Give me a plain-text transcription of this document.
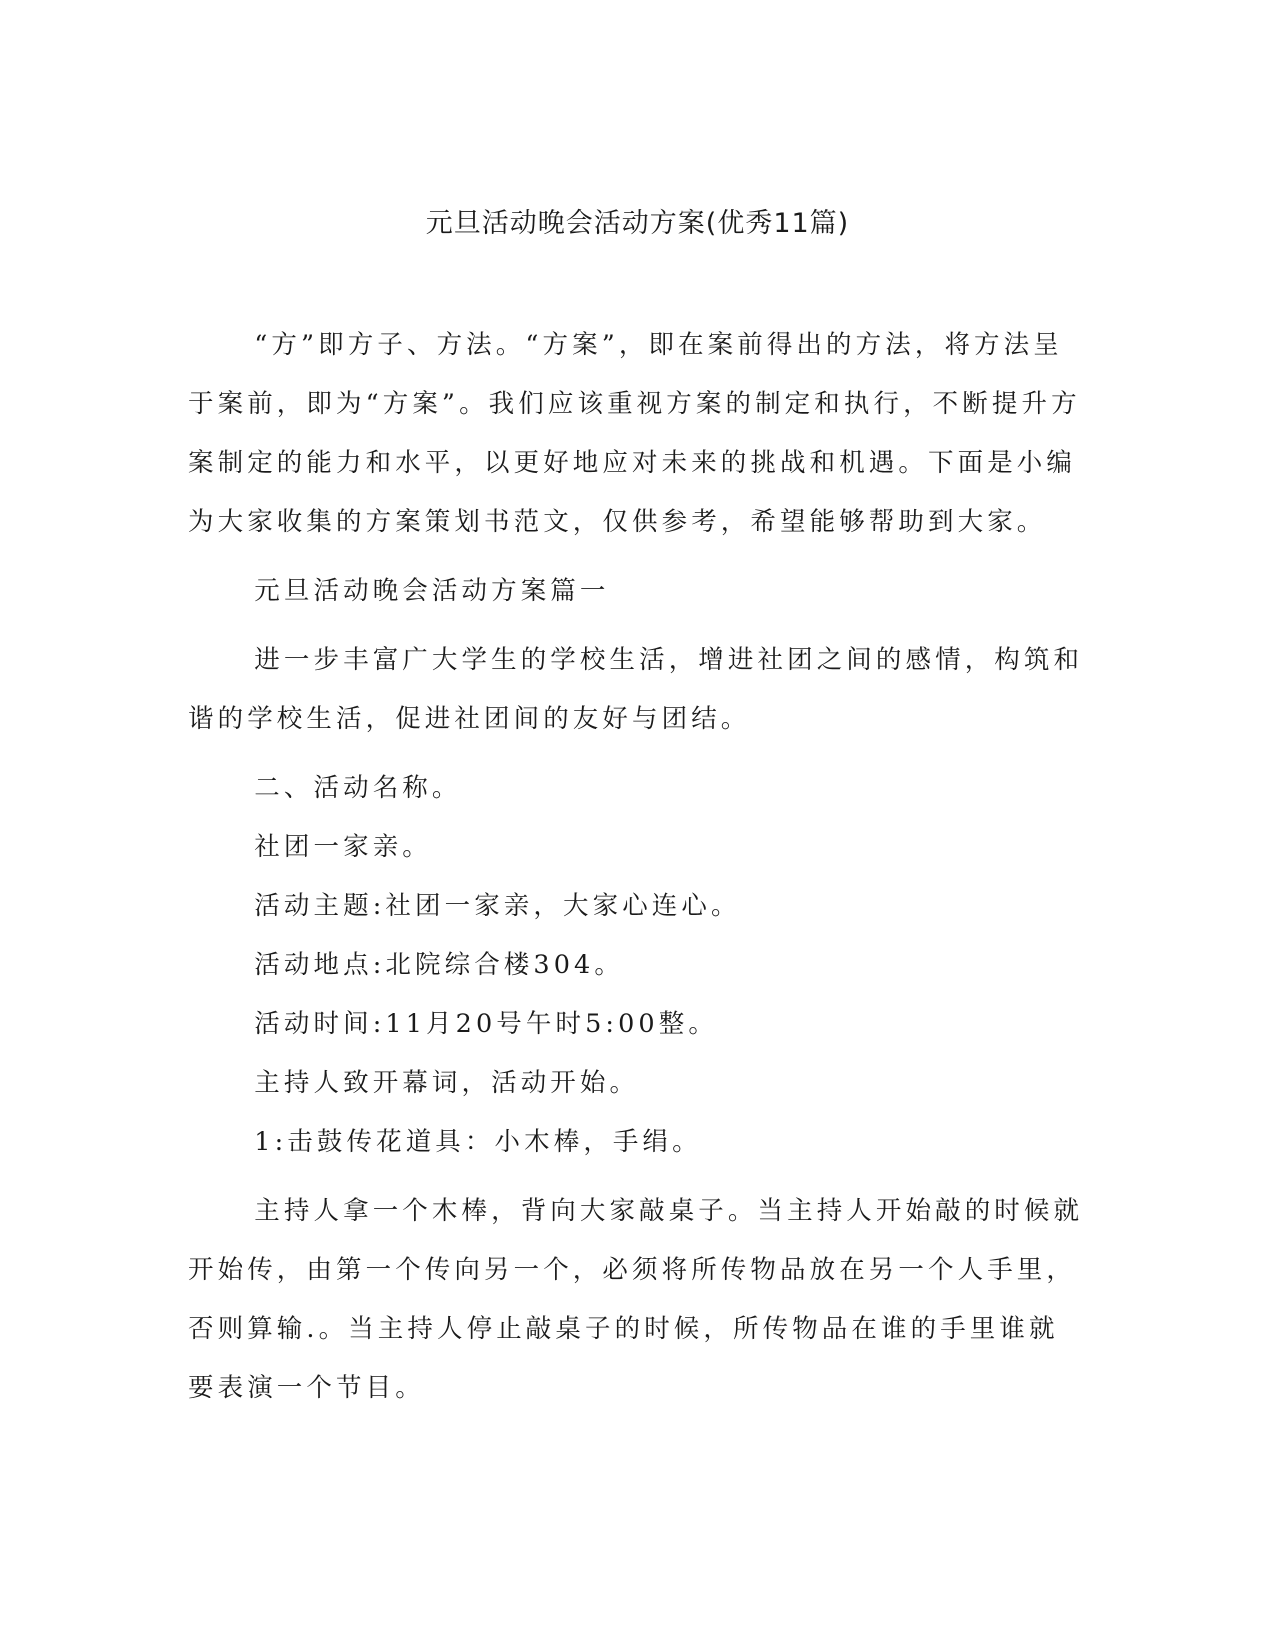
元旦活动晚会活动方案(优秀11篇)

“方”即方子、方法。“方案”，即在案前得出的方法，将方法呈于案前，即为“方案”。我们应该重视方案的制定和执行，不断提升方案制定的能力和水平，以更好地应对未来的挑战和机遇。下面是小编为大家收集的方案策划书范文，仅供参考，希望能够帮助到大家。

元旦活动晚会活动方案篇一

进一步丰富广大学生的学校生活，增进社团之间的感情，构筑和谐的学校生活，促进社团间的友好与团结。

二、活动名称。

社团一家亲。

活动主题:社团一家亲，大家心连心。

活动地点:北院综合楼304。

活动时间:11月20号午时5:00整。

主持人致开幕词，活动开始。

1:击鼓传花道具：小木棒，手绢。

主持人拿一个木棒，背向大家敲桌子。当主持人开始敲的时候就开始传，由第一个传向另一个，必须将所传物品放在另一个人手里，否则算输.。当主持人停止敲桌子的时候，所传物品在谁的手里谁就要表演一个节目。
